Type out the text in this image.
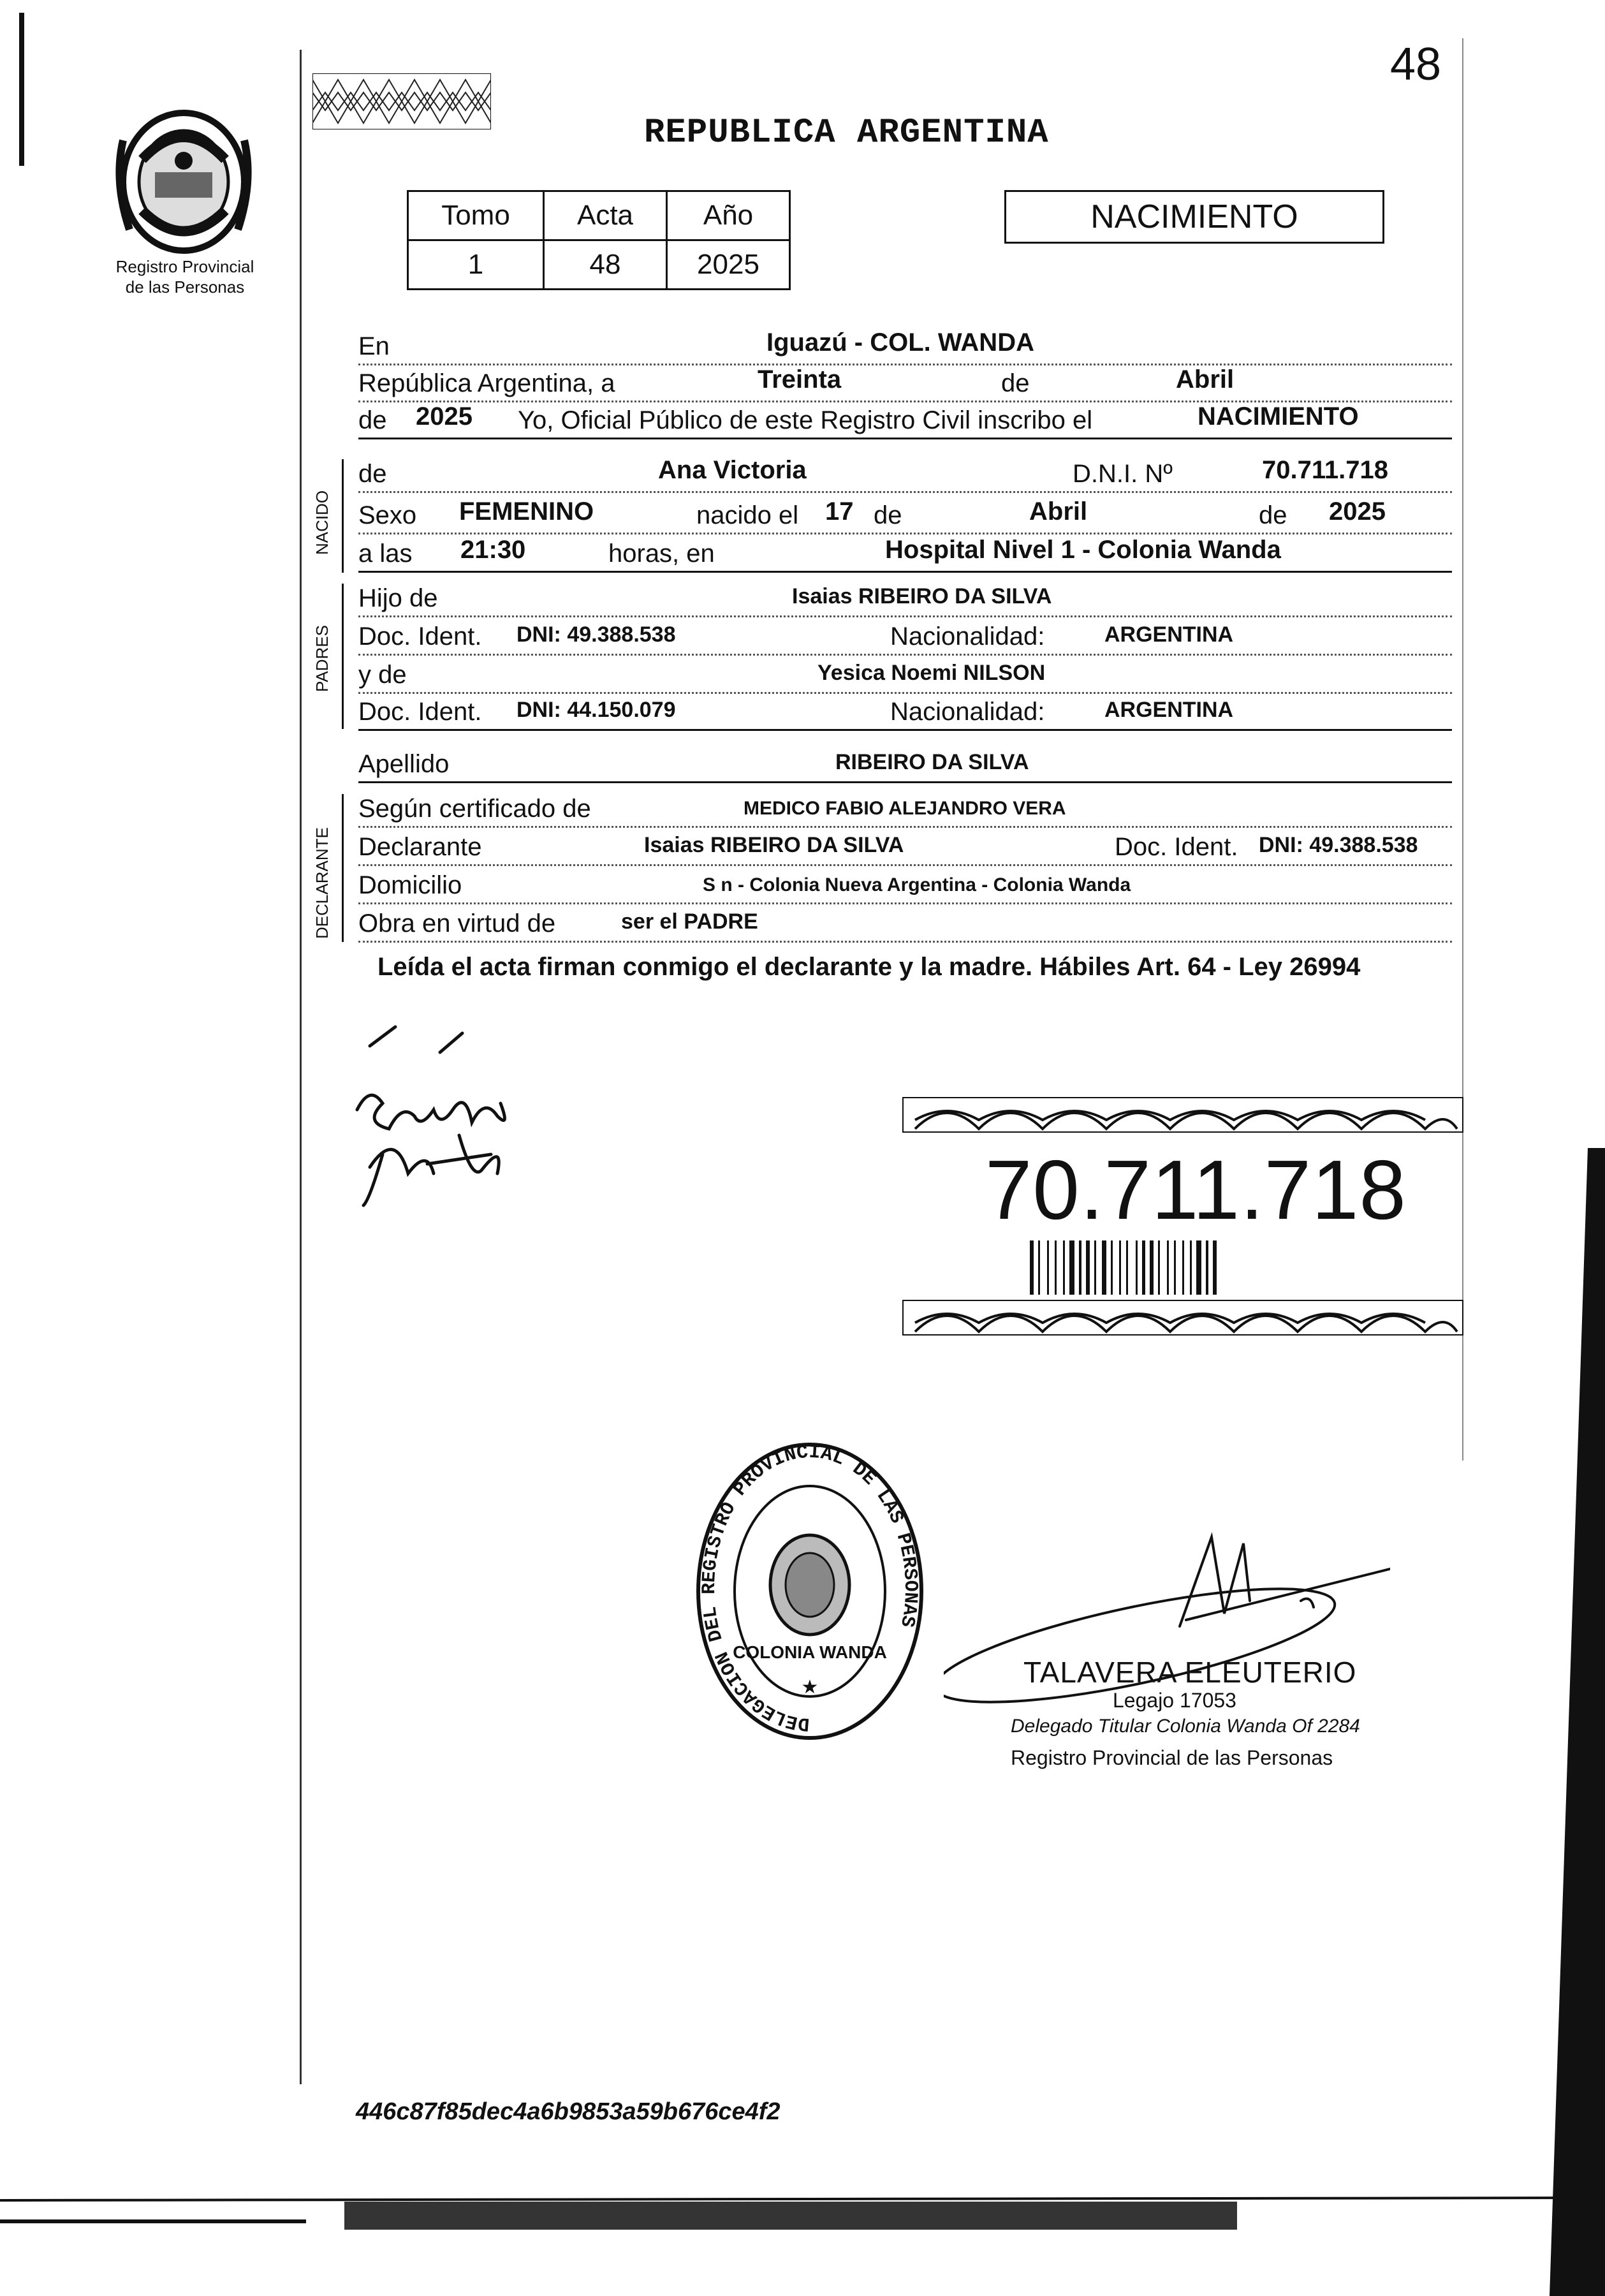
48
Registro Provincial
de las Personas
REPUBLICA ARGENTINA
Tomo	Acta	Año
1	48	2025
NACIMIENTO
En	Iguazú - COL. WANDA
República Argentina, a	Treinta	de	Abril
de 2025 Yo, Oficial Público de este Registro Civil inscribo el	NACIMIENTO
NACIDO
de	Ana Victoria	D.N.I. Nº	70.711.718
Sexo FEMENINO	nacido el 17 de	Abril	de 2025
a las 21:30	horas, en	Hospital Nivel 1 - Colonia Wanda
PADRES
Hijo de	Isaias RIBEIRO DA SILVA
Doc. Ident. DNI: 49.388.538	Nacionalidad:	ARGENTINA
y de	Yesica Noemi NILSON
Doc. Ident. DNI: 44.150.079	Nacionalidad:	ARGENTINA
Apellido	RIBEIRO DA SILVA
DECLARANTE
Según certificado de	MEDICO FABIO ALEJANDRO VERA
Declarante	Isaias RIBEIRO DA SILVA	Doc. Ident. DNI: 49.388.538
Domicilio	S n - Colonia Nueva Argentina - Colonia Wanda
Obra en virtud de	ser el PADRE
Leída el acta firman conmigo el declarante y la madre. Hábiles Art. 64 - Ley 26994
70.711.718
DELEGACION DEL REGISTRO PROVINCIAL DE LAS PERSONAS
COLONIA WANDA
★	TALAVERA ELEUTERIO
Legajo 17053
Delegado Titular Colonia Wanda Of 2284
Registro Provincial de las Personas
446c87f85dec4a6b9853a59b676ce4f2
